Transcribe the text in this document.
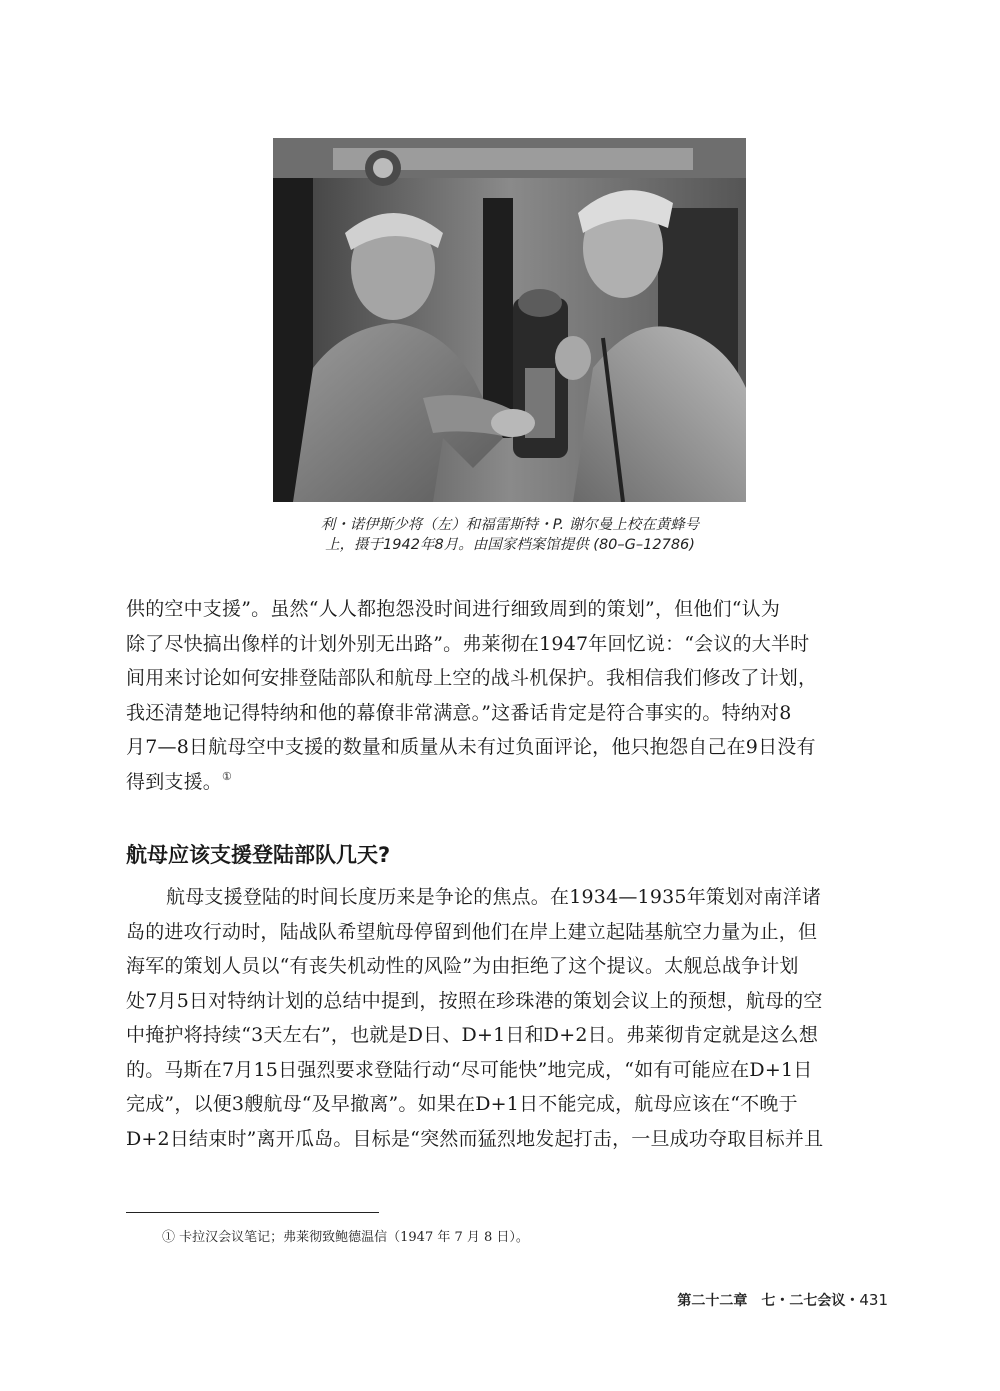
利・诺伊斯少将（左）和福雷斯特・P. 谢尔曼上校在黄蜂号
上，摄于1942年8月。由国家档案馆提供 (80–G–12786)
供的空中支援”。虽然“人人都抱怨没时间进行细致周到的策划”，但他们“认为
除了尽快搞出像样的计划外别无出路”。弗莱彻在1947年回忆说：“会议的大半时
间用来讨论如何安排登陆部队和航母上空的战斗机保护。我相信我们修改了计划，
我还清楚地记得特纳和他的幕僚非常满意。”这番话肯定是符合事实的。特纳对8
月7—8日航母空中支援的数量和质量从未有过负面评论，他只抱怨自己在9日没有
得到支援。①
航母应该支援登陆部队几天?
航母支援登陆的时间长度历来是争论的焦点。在1934—1935年策划对南洋诸
岛的进攻行动时，陆战队希望航母停留到他们在岸上建立起陆基航空力量为止，但
海军的策划人员以“有丧失机动性的风险”为由拒绝了这个提议。太舰总战争计划
处7月5日对特纳计划的总结中提到，按照在珍珠港的策划会议上的预想，航母的空
中掩护将持续“3天左右”，也就是D日、D+1日和D+2日。弗莱彻肯定就是这么想
的。马斯在7月15日强烈要求登陆行动“尽可能快”地完成，“如有可能应在D+1日
完成”，以便3艘航母“及早撤离”。如果在D+1日不能完成，航母应该在“不晚于
D+2日结束时”离开瓜岛。目标是“突然而猛烈地发起打击，一旦成功夺取目标并且
① 卡拉汉会议笔记；弗莱彻致鲍德温信（1947 年 7 月 8 日）。
第二十二章　七・二七会议・431
